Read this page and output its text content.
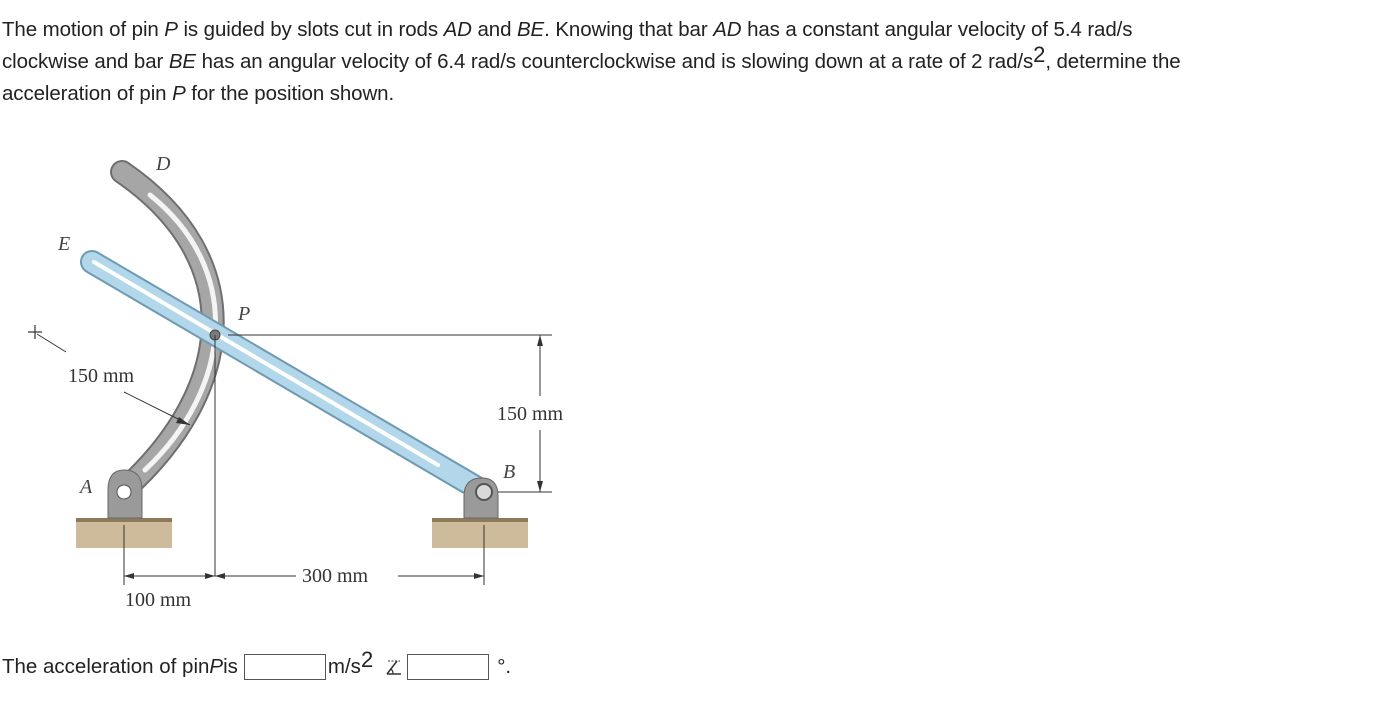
The motion of pin P is guided by slots cut in rods AD and BE. Knowing that bar AD has a constant angular velocity of 5.4 rad/s
clockwise and bar BE has an angular velocity of 6.4 rad/s counterclockwise and is slowing down at a rate of 2 rad/$s^2$, determine the
acceleration of pin P for the position shown.
D
E
P
A
B
150 mm
150 mm
100 mm
300 mm
The acceleration of pin P is	$m/s^2$	°.
